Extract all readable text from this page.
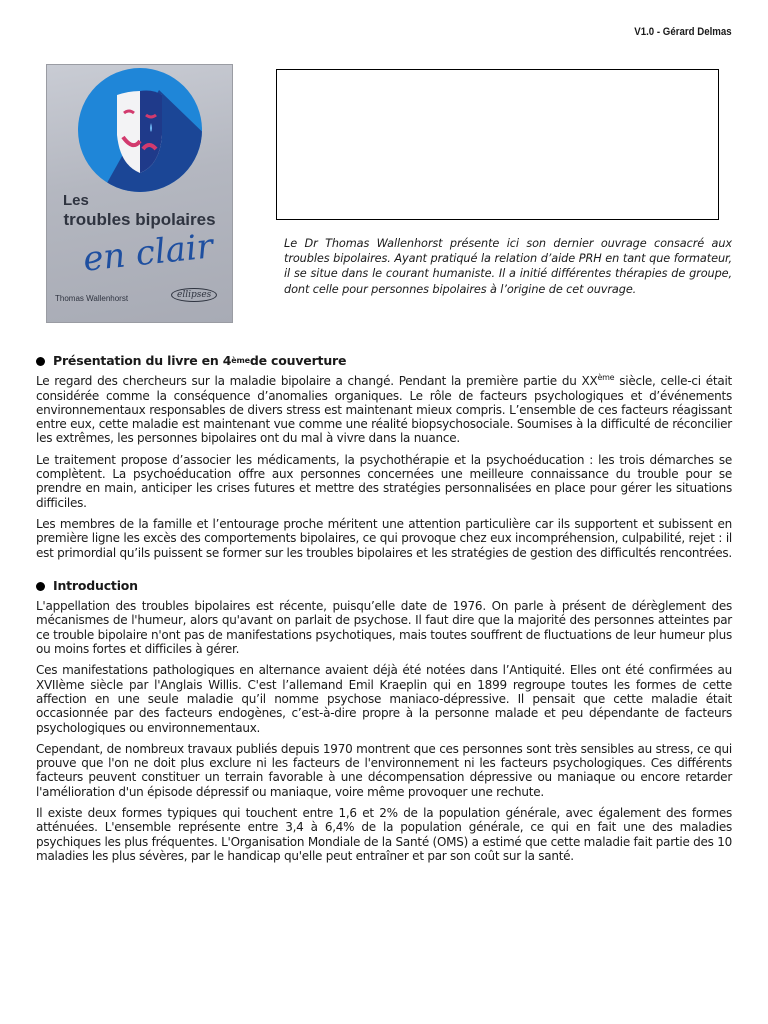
V1.0 - Gérard Delmas
Les
troubles bipolaires
en clair
Thomas Wallenhorst	ellipses
Le Dr Thomas Wallenhorst présente ici son dernier ouvrage consacré aux troubles bipolaires. Ayant pratiqué la relation d’aide PRH en tant que formateur, il se situe dans le courant humaniste. Il a initié différentes thérapies de groupe, dont celle pour personnes bipolaires à l’origine de cet ouvrage.
Présentation du livre en 4 ème de couverture

Le regard des chercheurs sur la maladie bipolaire a changé. Pendant la première partie du XXème siècle, celle-ci était considérée comme la conséquence d’anomalies organiques. Le rôle de facteurs psychologiques et d’événements environnementaux responsables de divers stress est maintenant mieux compris. L’ensemble de ces facteurs réagissant entre eux, cette maladie est maintenant vue comme une réalité biopsychosociale. Soumises à la difficulté de réconcilier les extrêmes, les personnes bipolaires ont du mal à vivre dans la nuance.

Le traitement propose d’associer les médicaments, la psychothérapie et la psychoéducation : les trois démarches se complètent. La psychoéducation offre aux personnes concernées une meilleure connaissance du trouble pour se prendre en main, anticiper les crises futures et mettre des stratégies personnalisées en place pour gérer les situations difficiles.

Les membres de la famille et l’entourage proche méritent une attention particulière car ils supportent et subissent en première ligne les excès des comportements bipolaires, ce qui provoque chez eux incompréhension, culpabilité, rejet : il est primordial qu’ils puissent se former sur les troubles bipolaires et les stratégies de gestion des difficultés rencontrées.

Introduction

L'appellation des troubles bipolaires est récente, puisqu’elle date de 1976. On parle à présent de dérèglement des mécanismes de l'humeur, alors qu'avant on parlait de psychose. Il faut dire que la majorité des personnes atteintes par ce trouble bipolaire n'ont pas de manifestations psychotiques, mais toutes souffrent de fluctuations de leur humeur plus ou moins fortes et difficiles à gérer.

Ces manifestations pathologiques en alternance avaient déjà été notées dans l’Antiquité. Elles ont été confirmées au XVIIème siècle par l'Anglais Willis. C'est l’allemand Emil Kraeplin qui en 1899 regroupe toutes les formes de cette affection en une seule maladie qu’il nomme psychose maniaco-dépressive. Il pensait que cette maladie était occasionnée par des facteurs endogènes, c’est-à-dire propre à la personne malade et peu dépendante de facteurs psychologiques ou environnementaux.

Cependant, de nombreux travaux publiés depuis 1970 montrent que ces personnes sont très sensibles au stress, ce qui prouve que l'on ne doit plus exclure ni les facteurs de l'environnement ni les facteurs psychologiques. Ces différents facteurs peuvent constituer un terrain favorable à une décompensation dépressive ou maniaque ou encore retarder l'amélioration d'un épisode dépressif ou maniaque, voire même provoquer une rechute.

Il existe deux formes typiques qui touchent entre 1,6 et 2% de la population générale, avec également des formes atténuées. L'ensemble représente entre 3,4 à 6,4% de la population générale, ce qui en fait une des maladies psychiques les plus fréquentes. L'Organisation Mondiale de la Santé (OMS) a estimé que cette maladie fait partie des 10 maladies les plus sévères, par le handicap qu'elle peut entraîner et par son coût sur la santé.
